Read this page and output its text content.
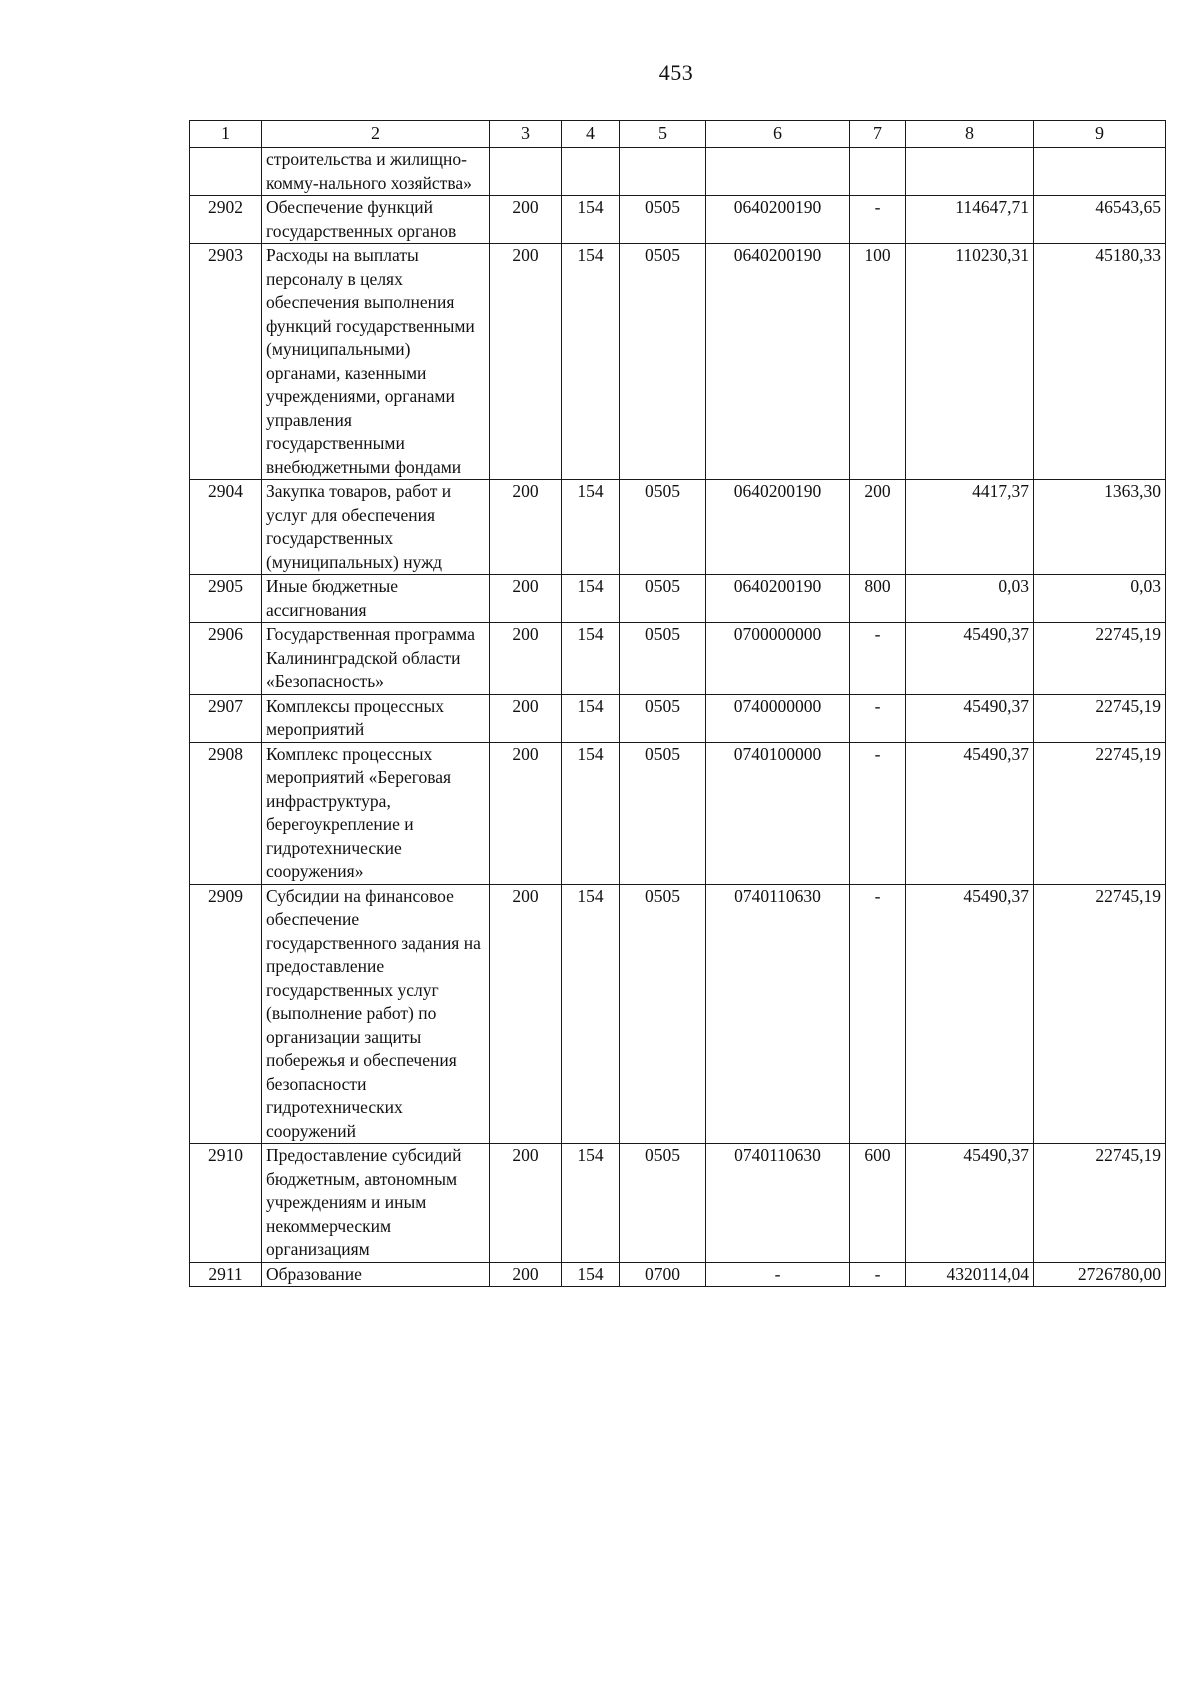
453
1	2	3	4	5	6	7	8	9
	строительства и жилищно-комму-нального хозяйства»							
2902	Обеспечение функций государственных органов	200	154	0505	0640200190	-	114647,71	46543,65
2903	Расходы на выплаты персоналу в целях обеспечения выполнения функций государственными (муниципальными) органами, казенными учреждениями, органами управления государственными внебюджетными фондами	200	154	0505	0640200190	100	110230,31	45180,33
2904	Закупка товаров, работ и услуг для обеспечения государственных (муниципальных) нужд	200	154	0505	0640200190	200	4417,37	1363,30
2905	Иные бюджетные ассигнования	200	154	0505	0640200190	800	0,03	0,03
2906	Государственная программа Калининградской области «Безопасность»	200	154	0505	0700000000	-	45490,37	22745,19
2907	Комплексы процессных мероприятий	200	154	0505	0740000000	-	45490,37	22745,19
2908	Комплекс процессных мероприятий «Береговая инфраструктура, берегоукрепление и гидротехнические сооружения»	200	154	0505	0740100000	-	45490,37	22745,19
2909	Субсидии на финансовое обеспечение государственного задания на предоставление государственных услуг (выполнение работ) по организации защиты побережья и обеспечения безопасности гидротехнических сооружений	200	154	0505	0740110630	-	45490,37	22745,19
2910	Предоставление субсидий бюджетным, автономным учреждениям и иным некоммерческим организациям	200	154	0505	0740110630	600	45490,37	22745,19
2911	Образование	200	154	0700	-	-	4320114,04	2726780,00
